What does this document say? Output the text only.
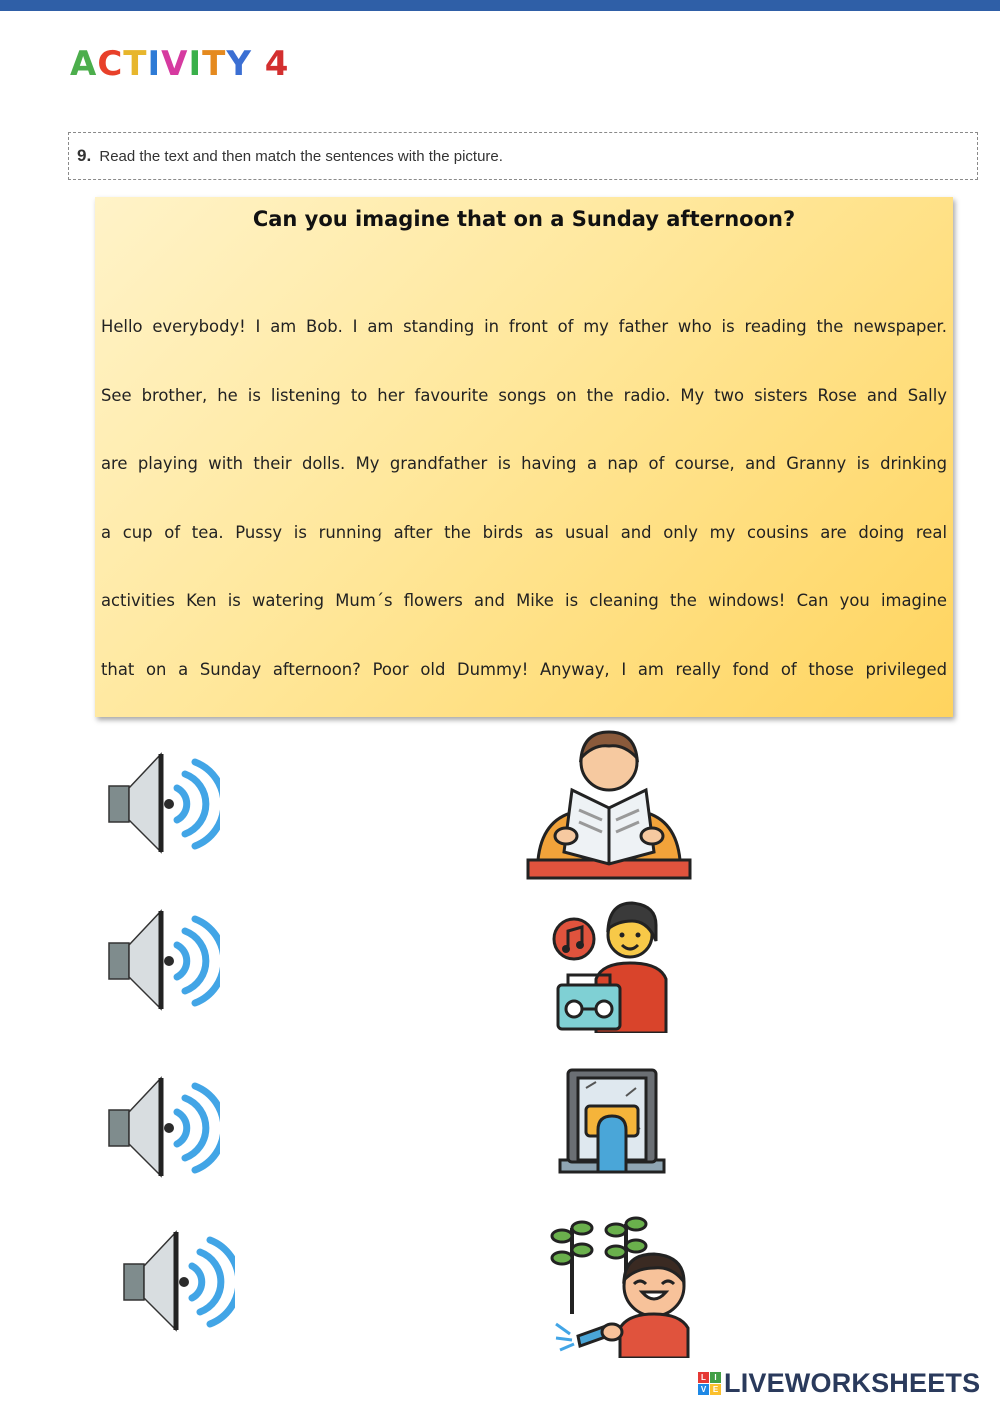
ACTIVITY 4
9. Read the text and then match the sentences with the picture.
Can you imagine that on a Sunday afternoon?
Hello everybody! I am Bob. I am standing in front of my father who is reading the newspaper.
See brother, he is listening to her favourite songs on the radio. My two sisters Rose and Sally
are playing with their dolls. My grandfather is having a nap of course, and Granny is drinking
a cup of tea. Pussy is running after the birds as usual and only my cousins are doing real
activities Ken is watering Mum´s flowers and Mike is cleaning the windows! Can you imagine
that on a Sunday afternoon? Poor old Dummy! Anyway, I am really fond of those privileged
L	I
V E LIVEWORKSHEETS
